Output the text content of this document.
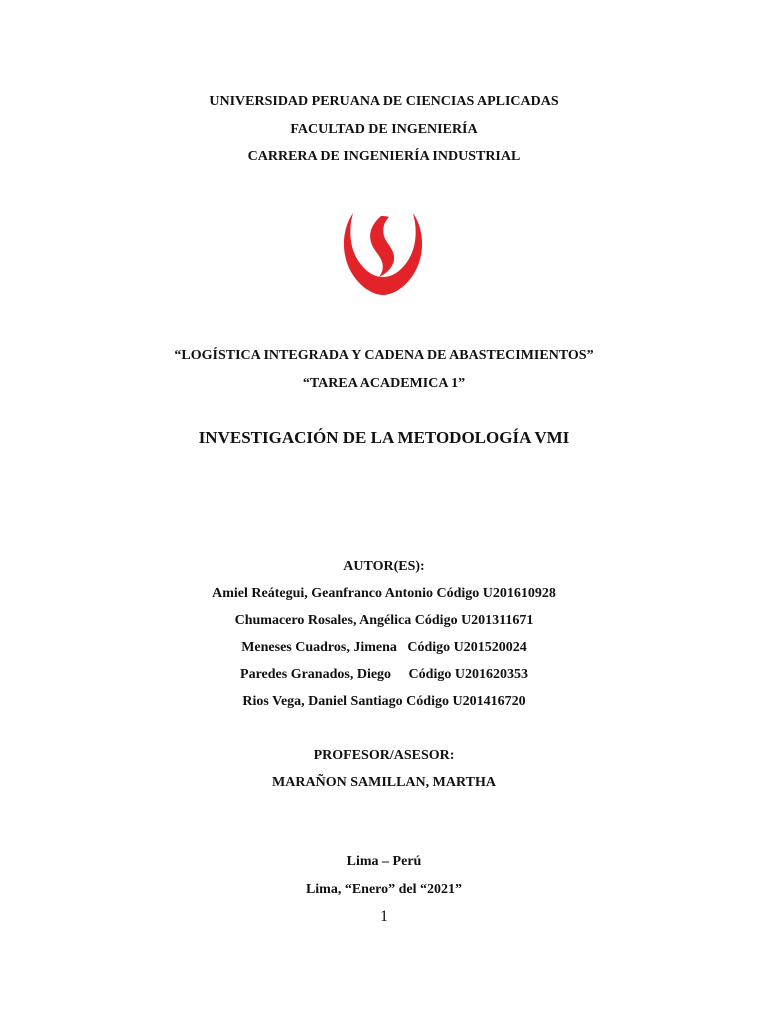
UNIVERSIDAD PERUANA DE CIENCIAS APLICADAS
FACULTAD DE INGENIERÍA
CARRERA DE INGENIERÍA INDUSTRIAL
“LOGÍSTICA INTEGRADA Y CADENA DE ABASTECIMIENTOS”
“TAREA ACADEMICA 1”
INVESTIGACIÓN DE LA METODOLOGÍA VMI
AUTOR(ES):
Amiel Reátegui, Geanfranco Antonio Código U201610928
Chumacero Rosales, Angélica Código U201311671
Meneses Cuadros, Jimena   Código U201520024
Paredes Granados, Diego     Código U201620353
Rios Vega, Daniel Santiago Código U201416720
PROFESOR/ASESOR:
MARAÑON SAMILLAN, MARTHA
Lima – Perú
Lima, “Enero” del “2021”
1
